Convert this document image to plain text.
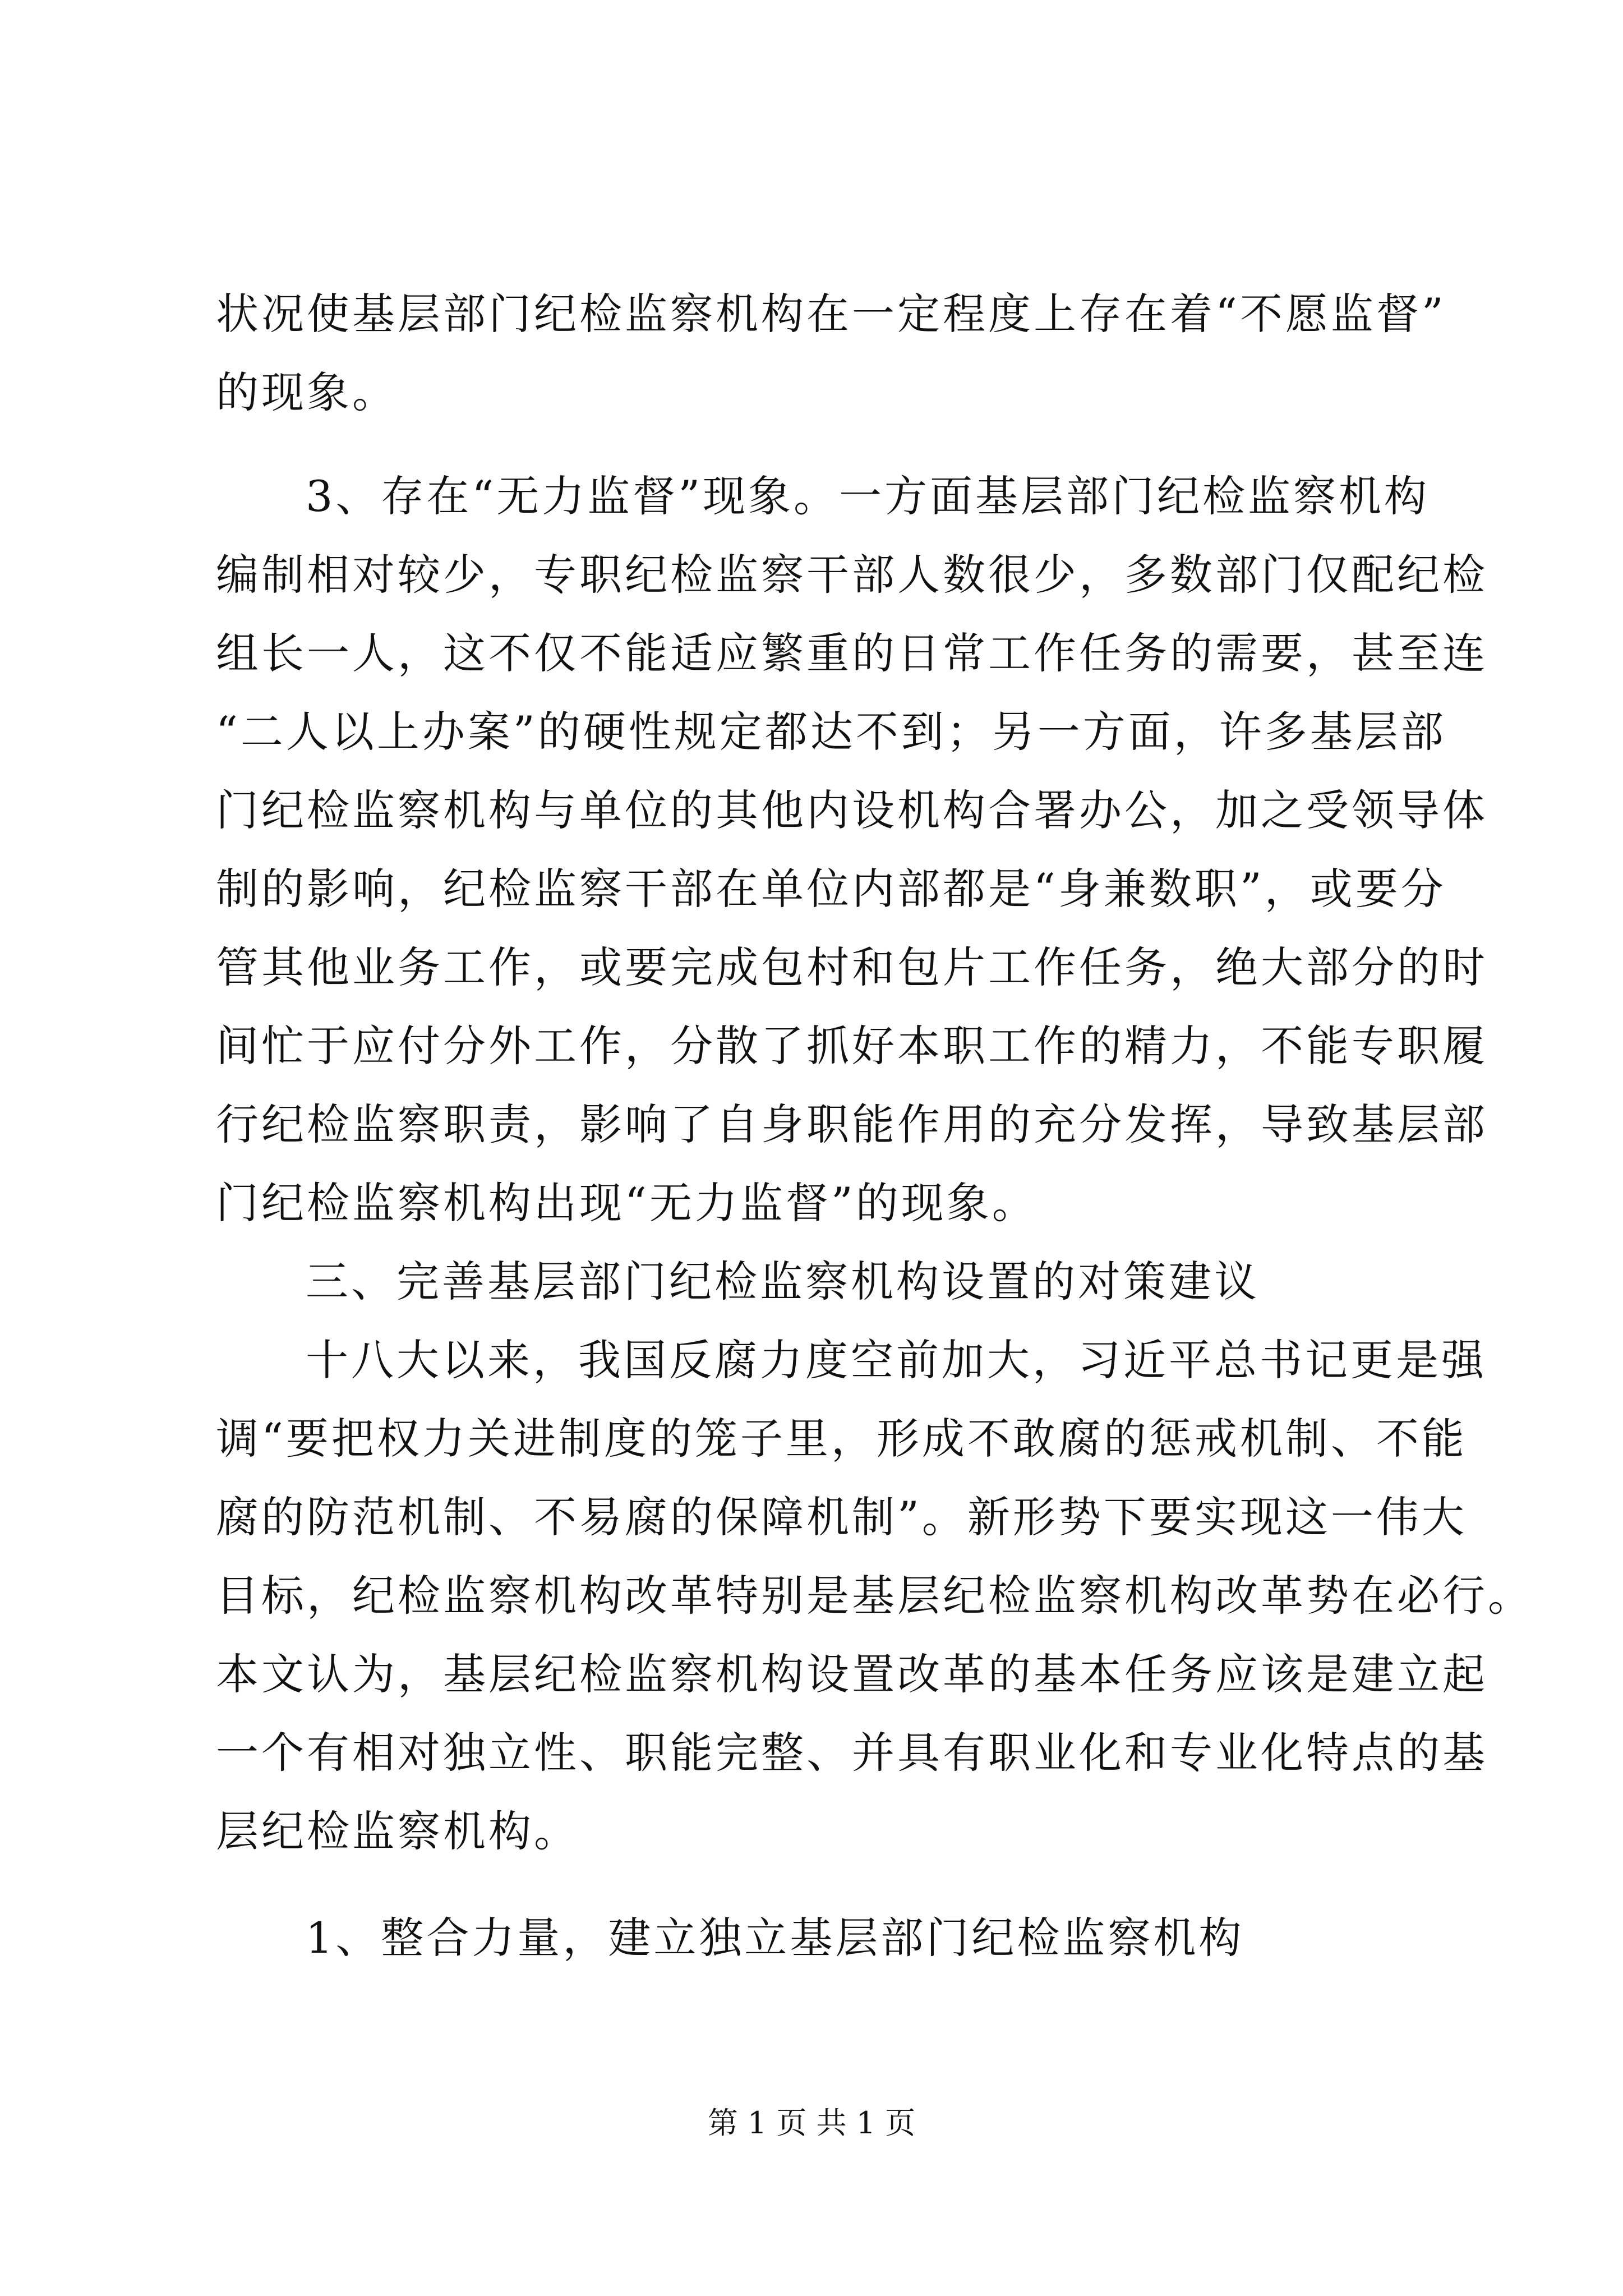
状况使基层部门纪检监察机构在一定程度上存在着“不愿监督”
的现象。
3、存在“无力监督”现象。一方面基层部门纪检监察机构
编制相对较少，专职纪检监察干部人数很少，多数部门仅配纪检
组长一人，这不仅不能适应繁重的日常工作任务的需要，甚至连
“二人以上办案”的硬性规定都达不到；另一方面，许多基层部
门纪检监察机构与单位的其他内设机构合署办公，加之受领导体
制的影响，纪检监察干部在单位内部都是“身兼数职”，或要分
管其他业务工作，或要完成包村和包片工作任务，绝大部分的时
间忙于应付分外工作，分散了抓好本职工作的精力，不能专职履
行纪检监察职责，影响了自身职能作用的充分发挥，导致基层部
门纪检监察机构出现“无力监督”的现象。
三、完善基层部门纪检监察机构设置的对策建议
十八大以来，我国反腐力度空前加大，习近平总书记更是强
调“要把权力关进制度的笼子里，形成不敢腐的惩戒机制、不能
腐的防范机制、不易腐的保障机制”。新形势下要实现这一伟大
目标，纪检监察机构改革特别是基层纪检监察机构改革势在必行。
本文认为，基层纪检监察机构设置改革的基本任务应该是建立起
一个有相对独立性、职能完整、并具有职业化和专业化特点的基
层纪检监察机构。
1、整合力量，建立独立基层部门纪检监察机构
第 1 页 共 1 页
